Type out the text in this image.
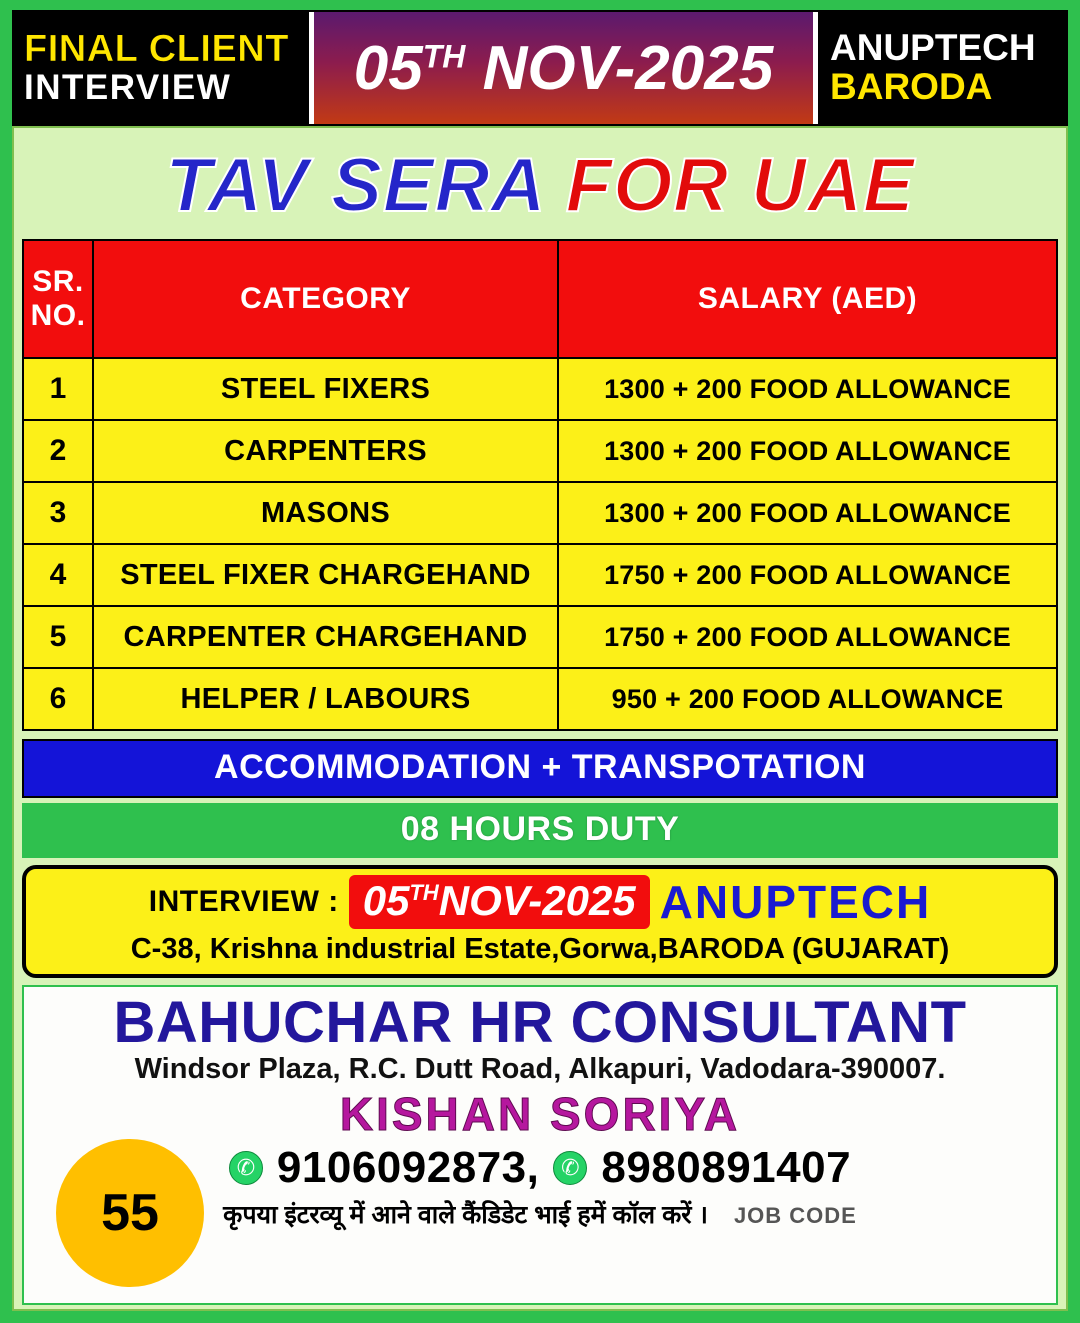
FINAL CLIENT
INTERVIEW	05TH NOV-2025 ANUPTECH
BARODA
TAV SERA FOR UAE
SR.
NO.	CATEGORY	SALARY (AED)
1	STEEL FIXERS	1300 + 200 FOOD ALLOWANCE
2	CARPENTERS	1300 + 200 FOOD ALLOWANCE
3	MASONS	1300 + 200 FOOD ALLOWANCE
4	STEEL FIXER CHARGEHAND	1750 + 200 FOOD ALLOWANCE
5	CARPENTER CHARGEHAND	1750 + 200 FOOD ALLOWANCE
6	HELPER / LABOURS	950 + 200 FOOD ALLOWANCE
ACCOMMODATION + TRANSPOTATION
08 HOURS DUTY
INTERVIEW : 05THNOV-2025 ANUPTECH
C-38, Krishna industrial Estate,Gorwa,BARODA (GUJARAT)
BAHUCHAR HR CONSULTANT
Windsor Plaza, R.C. Dutt Road, Alkapuri, Vadodara-390007.
KISHAN SORIYA
✆ 9106092873, ✆ 8980891407
कृपया इंटरव्यू में आने वाले कैंडिडेट भाई हमें कॉल करें । JOB CODE
55
